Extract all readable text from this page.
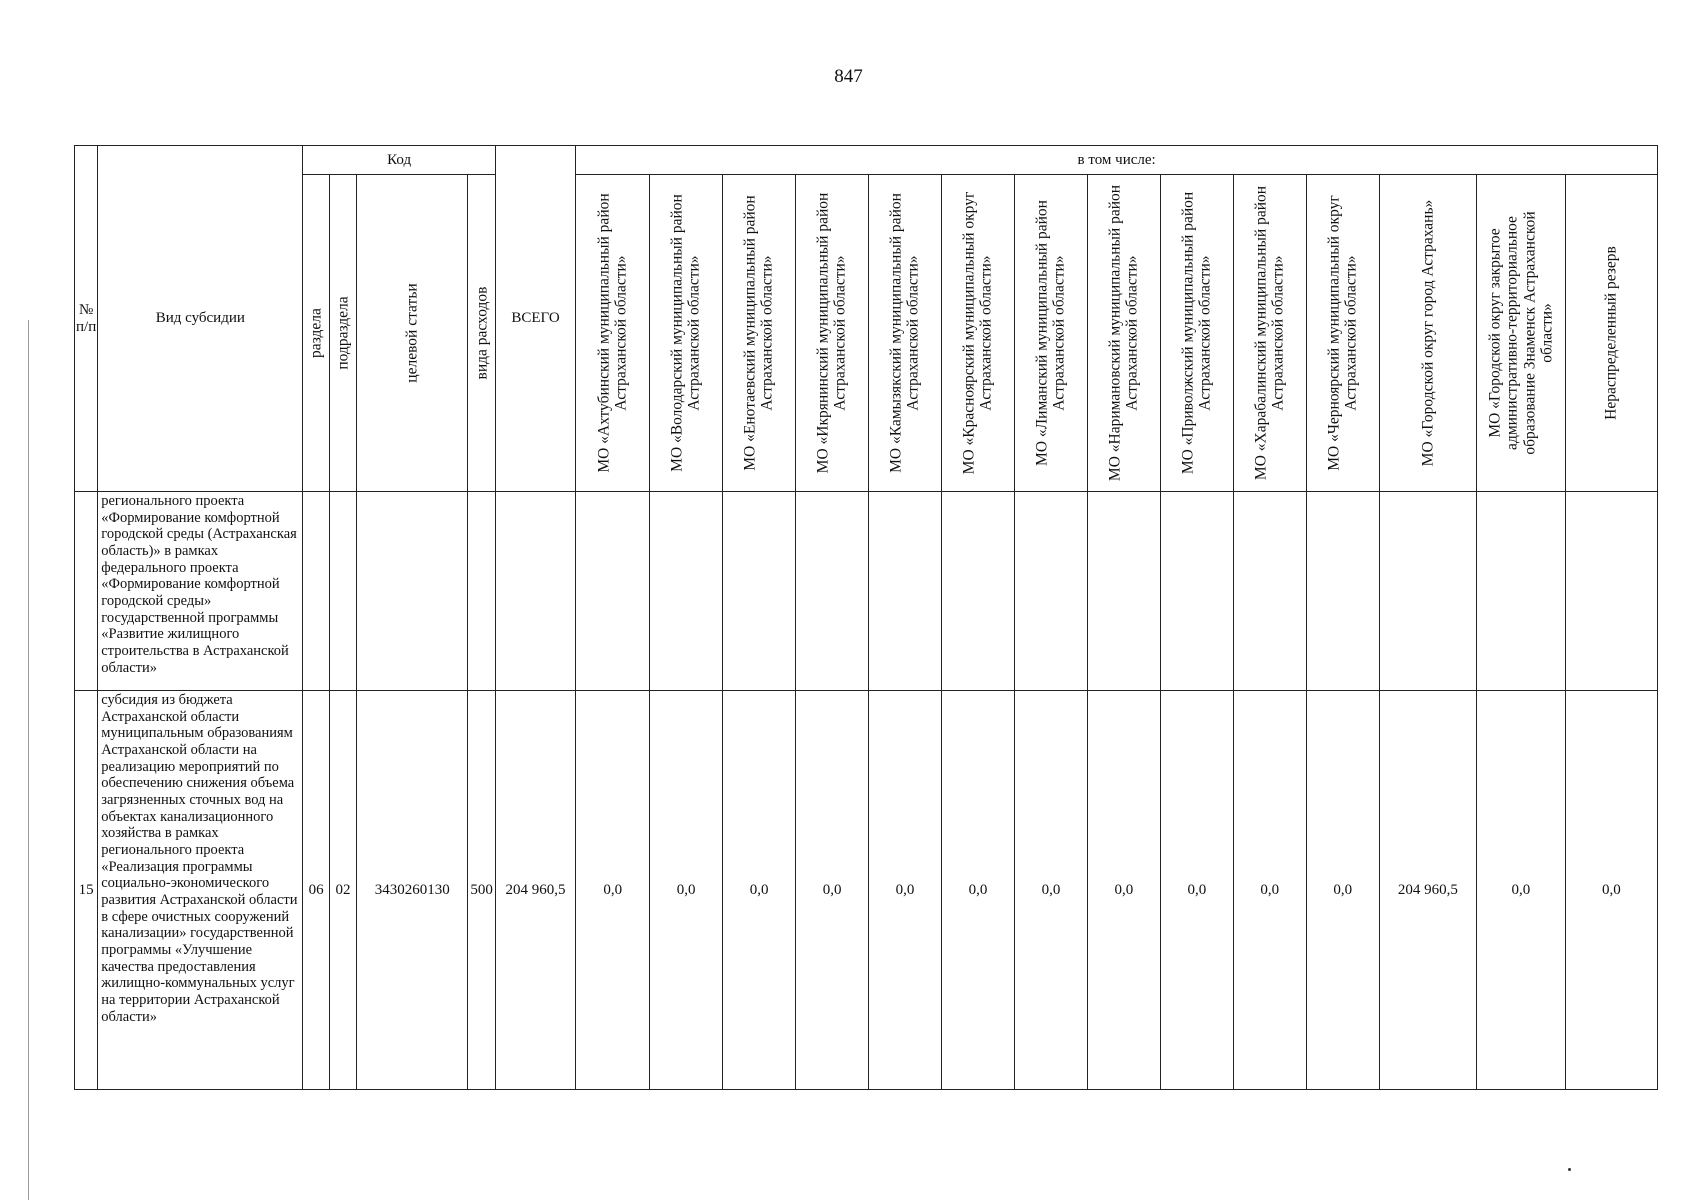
847
№ п/п	Вид субсидии	Код				ВСЕГО	в том числе:													

		раздела	подраздела	целевой статьи	вида расходов		МО «Ахтубинский муниципальный район Астраханской области»	МО «Володарский муниципальный район Астраханской области»	МО «Енотаевский муниципальный район Астраханской области»	МО «Икрянинский муниципальный район Астраханской области»	МО «Камызякский муниципальный район Астраханской области»	МО «Красноярский муниципальный округ Астраханской области»	МО «Лиманский муниципальный район Астраханской области»	МО «Наримановский муниципальный район Астраханской области»	МО «Приволжский муниципальный район Астраханской области»	МО «Харабалинский муниципальный район Астраханской области»	МО «Черноярский муниципальный округ Астраханской области»	МО «Городской округ город Астрахань»	МО «Городской округ закрытое административно-территориальное образование Знаменск Астраханской области»	Нераспределенный резерв

	регионального проекта «Формирование комфортной городской среды (Астраханская область)» в рамках федерального проекта «Формирование комфортной городской среды» государственной программы «Развитие жилищного строительства в Астраханской области»																			
15	субсидия из бюджета Астраханской области муниципальным образованиям Астраханской области на реализацию мероприятий по обеспечению снижения объема загрязненных сточных вод на объектах канализационного хозяйства в рамках регионального проекта «Реализация программы социально-экономического развития Астраханской области в сфере очистных сооружений канализации» государственной программы «Улучшение качества предоставления жилищно-коммунальных услуг на территории Астраханской области»	06	02	3430260130	500	204 960,5	0,0	0,0	0,0	0,0	0,0	0,0	0,0	0,0	0,0	0,0	0,0	204 960,5	0,0	0,0
